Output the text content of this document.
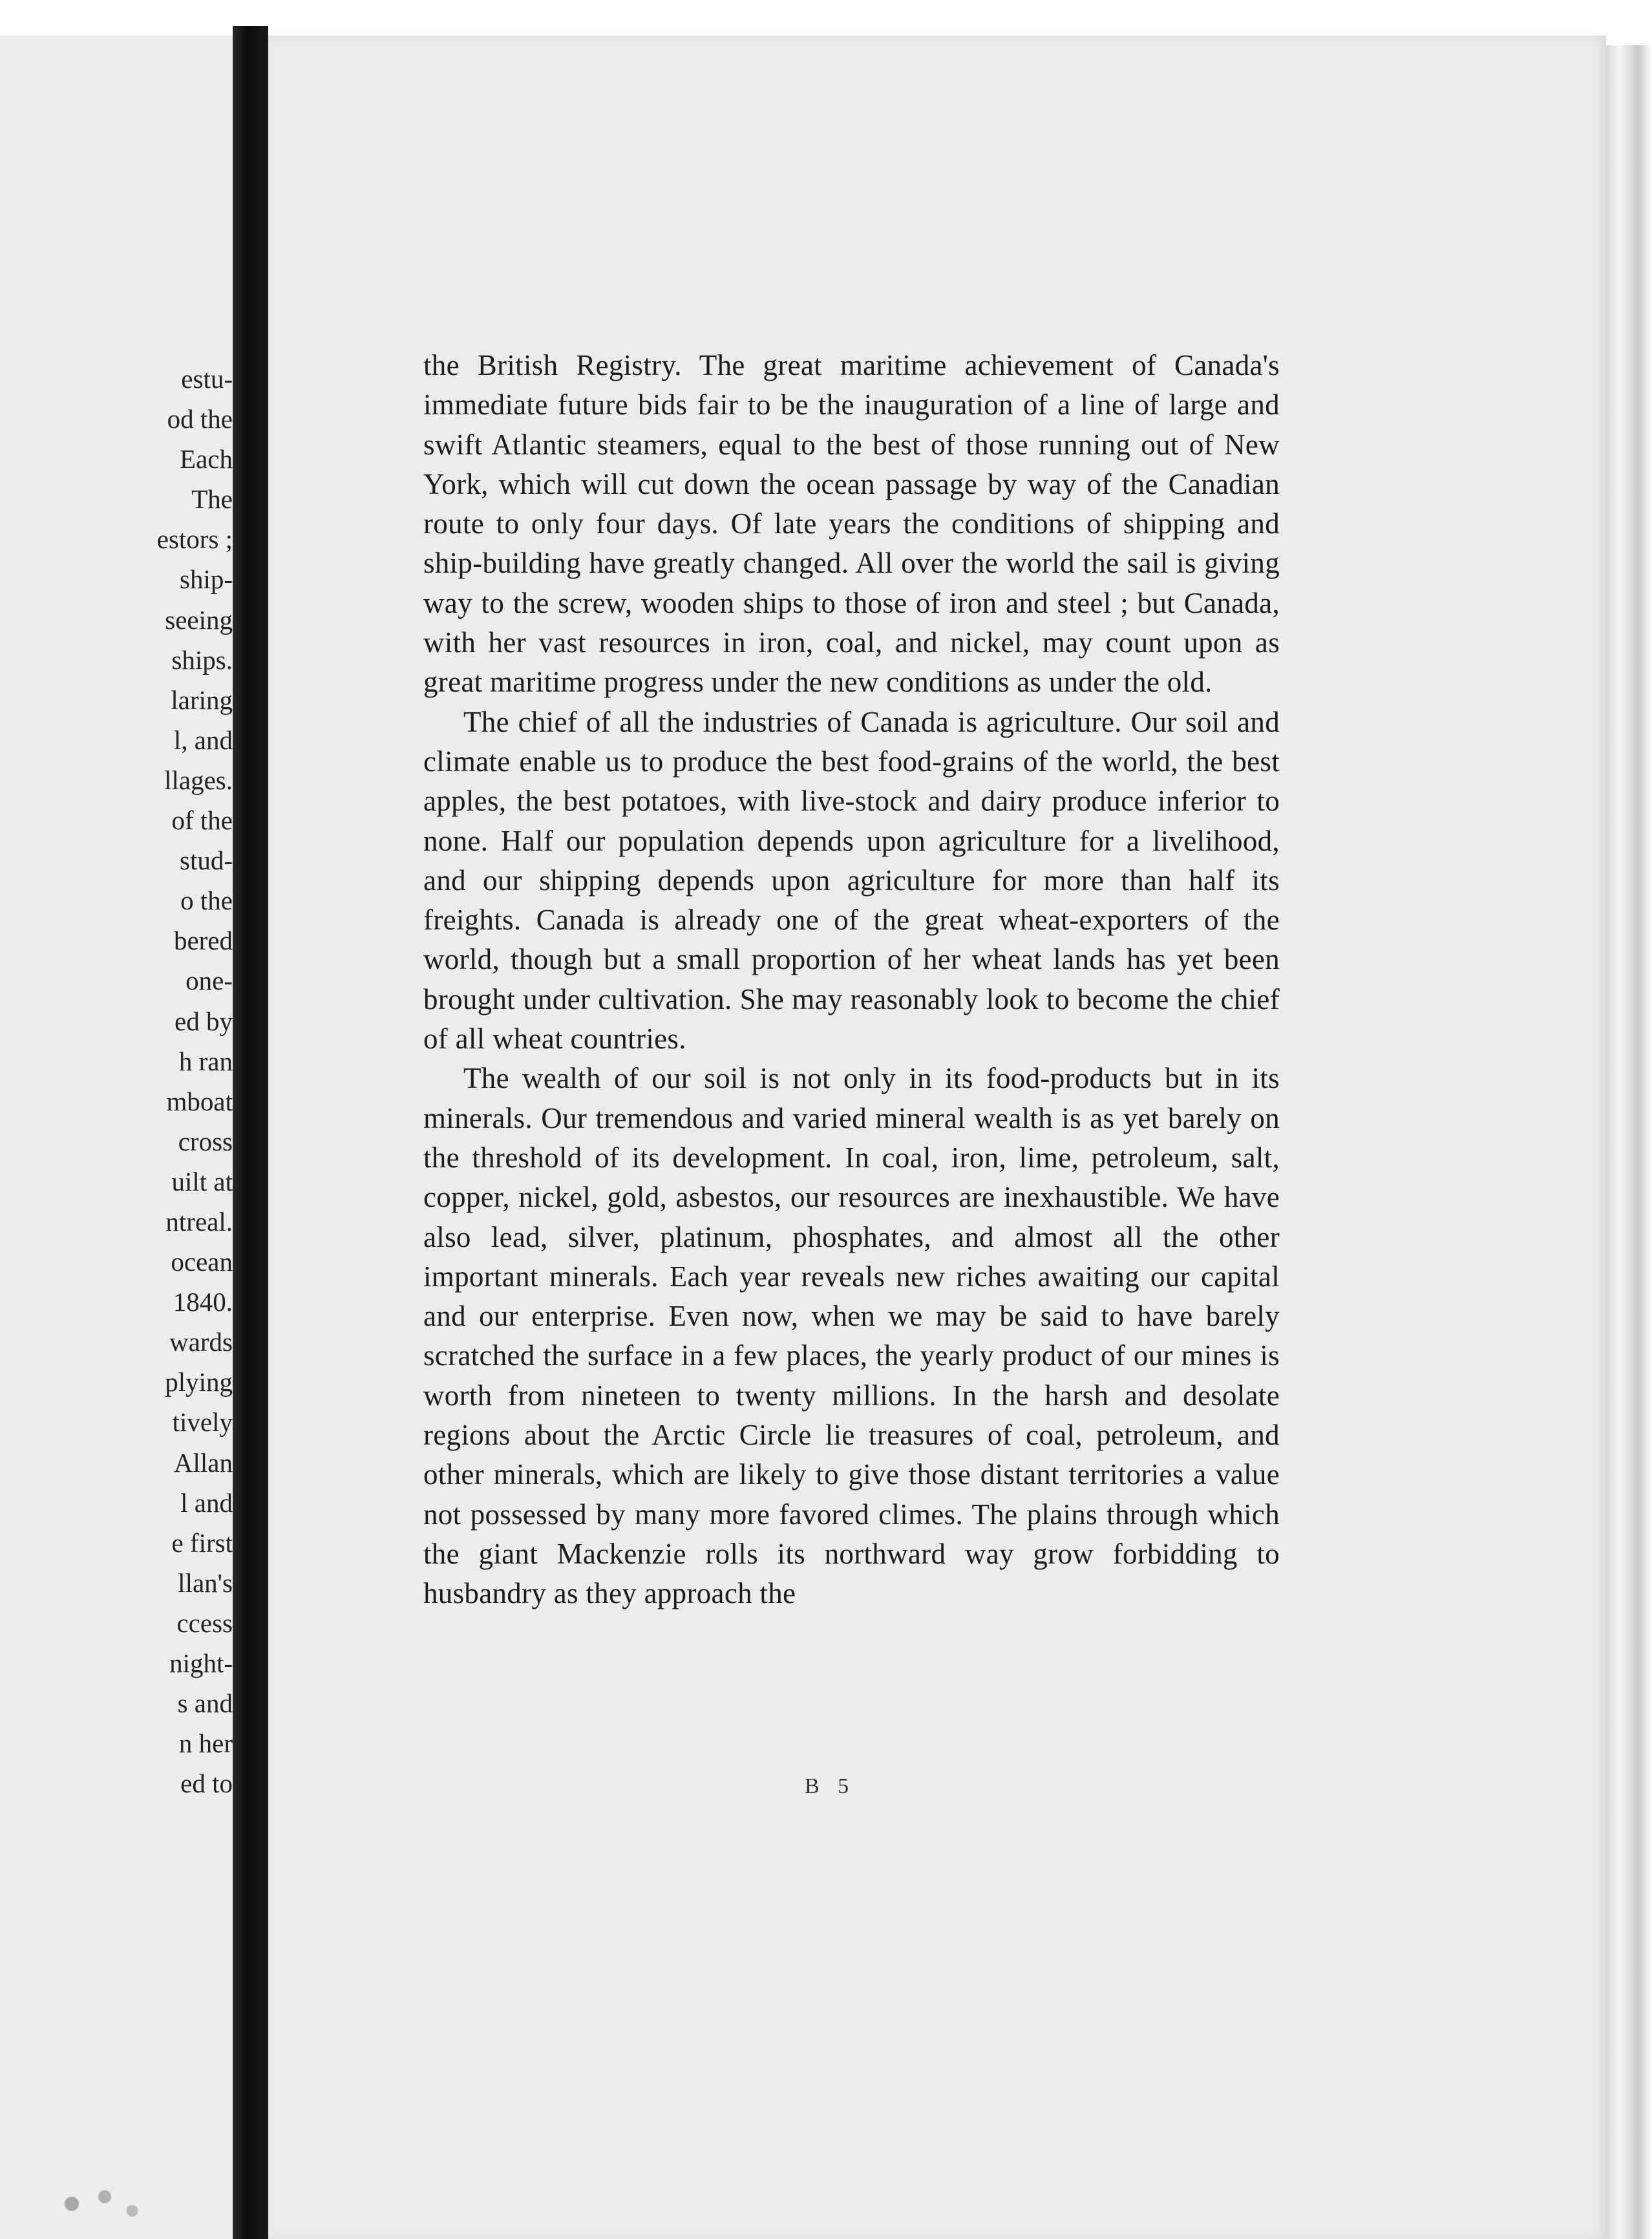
estu-
od the
Each
The
estors ;
ship-
seeing
ships.
laring
l, and
llages.
of the
stud-
o the
bered
one-
ed by
h ran
mboat
cross
uilt at
ntreal.
ocean
1840.
wards
plying
tively
Allan
l and
e first
llan's
ccess
night-
s and
n her
ed to

the British Registry. The great maritime achievement of Canada's immediate future bids fair to be the inauguration of a line of large and swift Atlantic steamers, equal to the best of those running out of New York, which will cut down the ocean passage by way of the Canadian route to only four days. Of late years the conditions of shipping and ship-building have greatly changed. All over the world the sail is giving way to the screw, wooden ships to those of iron and steel ; but Canada, with her vast resources in iron, coal, and nickel, may count upon as great maritime progress under the new conditions as under the old.

The chief of all the industries of Canada is agriculture. Our soil and climate enable us to produce the best food-grains of the world, the best apples, the best potatoes, with live-stock and dairy produce inferior to none. Half our population depends upon agriculture for a livelihood, and our shipping depends upon agriculture for more than half its freights. Canada is already one of the great wheat-exporters of the world, though but a small proportion of her wheat lands has yet been brought under cultivation. She may reasonably look to become the chief of all wheat countries.

The wealth of our soil is not only in its food-products but in its minerals. Our tremendous and varied mineral wealth is as yet barely on the threshold of its development. In coal, iron, lime, petroleum, salt, copper, nickel, gold, asbestos, our resources are inexhaustible. We have also lead, silver, platinum, phosphates, and almost all the other important minerals. Each year reveals new riches awaiting our capital and our enterprise. Even now, when we may be said to have barely scratched the surface in a few places, the yearly product of our mines is worth from nineteen to twenty millions. In the harsh and desolate regions about the Arctic Circle lie treasures of coal, petroleum, and other minerals, which are likely to give those distant territories a value not possessed by many more favored climes. The plains through which the giant Mackenzie rolls its northward way grow forbidding to husbandry as they approach the

B 5
